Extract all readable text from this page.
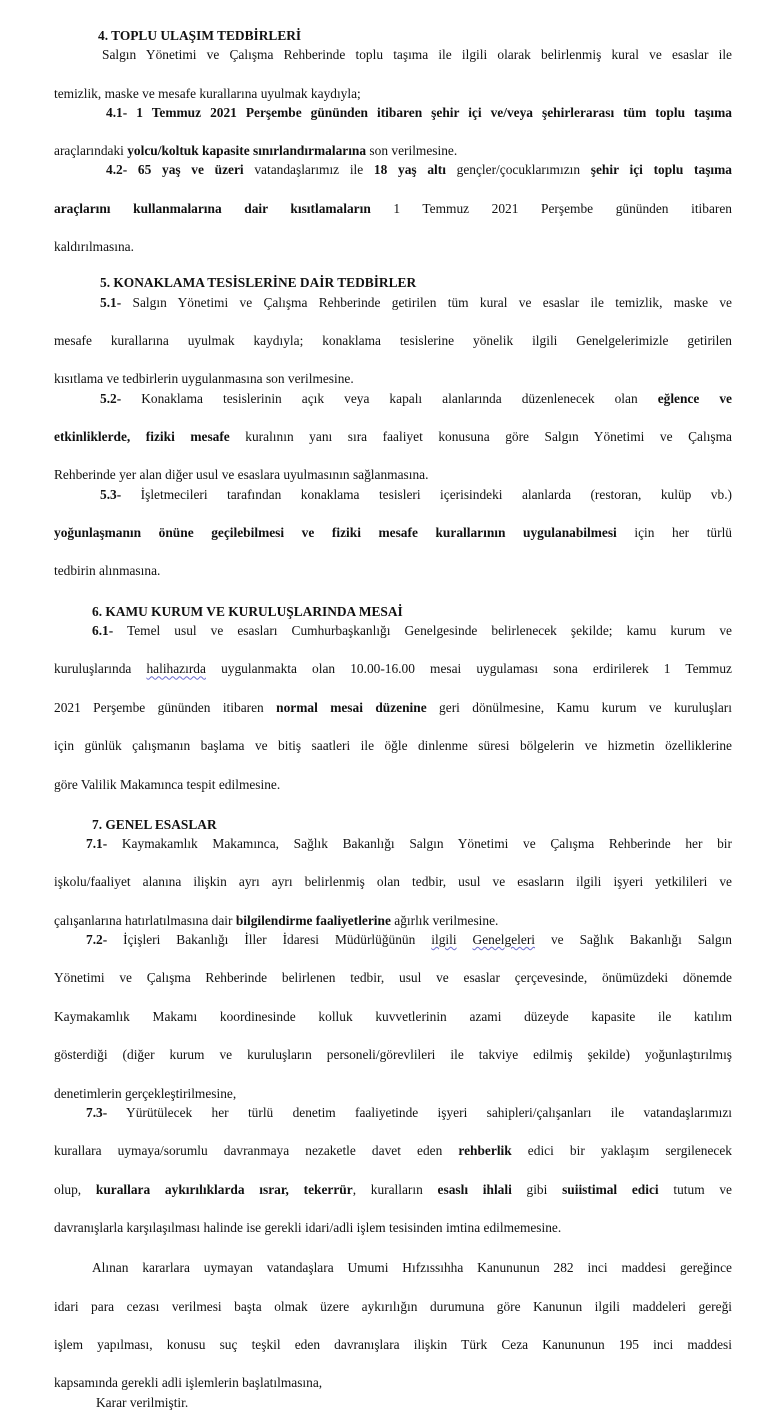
4. TOPLU ULAŞIM TEDBİRLERİ

Salgın Yönetimi ve Çalışma Rehberinde toplu taşıma ile ilgili olarak belirlenmiş kural ve esaslar ile

temizlik, maske ve mesafe kurallarına uyulmak kaydıyla;

4.1- 1 Temmuz 2021 Perşembe gününden itibaren şehir içi ve/veya şehirlerarası tüm toplu taşıma

araçlarındaki yolcu/koltuk kapasite sınırlandırmalarına son verilmesine.

4.2- 65 yaş ve üzeri vatandaşlarımız ile 18 yaş altı gençler/çocuklarımızın şehir içi toplu taşıma

araçlarını kullanmalarına dair kısıtlamaların 1 Temmuz 2021 Perşembe gününden itibaren

kaldırılmasına.

5. KONAKLAMA TESİSLERİNE DAİR TEDBİRLER

5.1- Salgın Yönetimi ve Çalışma Rehberinde getirilen tüm kural ve esaslar ile temizlik, maske ve

mesafe kurallarına uyulmak kaydıyla; konaklama tesislerine yönelik ilgili Genelgelerimizle getirilen

kısıtlama ve tedbirlerin uygulanmasına son verilmesine.

5.2- Konaklama tesislerinin açık veya kapalı alanlarında düzenlenecek olan eğlence ve

etkinliklerde, fiziki mesafe kuralının yanı sıra faaliyet konusuna göre Salgın Yönetimi ve Çalışma

Rehberinde yer alan diğer usul ve esaslara uyulmasının sağlanmasına.

5.3- İşletmecileri tarafından konaklama tesisleri içerisindeki alanlarda (restoran, kulüp vb.)

yoğunlaşmanın önüne geçilebilmesi ve fiziki mesafe kurallarının uygulanabilmesi için her türlü

tedbirin alınmasına.

6. KAMU KURUM VE KURULUŞLARINDA MESAİ

6.1- Temel usul ve esasları Cumhurbaşkanlığı Genelgesinde belirlenecek şekilde; kamu kurum ve

kuruluşlarında halihazırda uygulanmakta olan 10.00-16.00 mesai uygulaması sona erdirilerek 1 Temmuz

2021 Perşembe gününden itibaren normal mesai düzenine geri dönülmesine, Kamu kurum ve kuruluşları

için günlük çalışmanın başlama ve bitiş saatleri ile öğle dinlenme süresi bölgelerin ve hizmetin özelliklerine

göre Valilik Makamınca tespit edilmesine.

7. GENEL ESASLAR

7.1- Kaymakamlık Makamınca, Sağlık Bakanlığı Salgın Yönetimi ve Çalışma Rehberinde her bir

işkolu/faaliyet alanına ilişkin ayrı ayrı belirlenmiş olan tedbir, usul ve esasların ilgili işyeri yetkilileri ve

çalışanlarına hatırlatılmasına dair bilgilendirme faaliyetlerine ağırlık verilmesine.

7.2- İçişleri Bakanlığı İller İdaresi Müdürlüğünün ilgili Genelgeleri ve Sağlık Bakanlığı Salgın

Yönetimi ve Çalışma Rehberinde belirlenen tedbir, usul ve esaslar çerçevesinde, önümüzdeki dönemde

Kaymakamlık Makamı koordinesinde kolluk kuvvetlerinin azami düzeyde kapasite ile katılım

gösterdiği (diğer kurum ve kuruluşların personeli/görevlileri ile takviye edilmiş şekilde) yoğunlaştırılmış

denetimlerin gerçekleştirilmesine,

7.3- Yürütülecek her türlü denetim faaliyetinde işyeri sahipleri/çalışanları ile vatandaşlarımızı

kurallara uymaya/sorumlu davranmaya nezaketle davet eden rehberlik edici bir yaklaşım sergilenecek

olup, kurallara aykırılıklarda ısrar, tekerrür, kuralların esaslı ihlali gibi suiistimal edici tutum ve

davranışlarla karşılaşılması halinde ise gerekli idari/adli işlem tesisinden imtina edilmemesine.

Alınan kararlara uymayan vatandaşlara Umumi Hıfzıssıhha Kanununun 282 inci maddesi gereğince

idari para cezası verilmesi başta olmak üzere aykırılığın durumuna göre Kanunun ilgili maddeleri gereği

işlem yapılması, konusu suç teşkil eden davranışlara ilişkin Türk Ceza Kanununun 195 inci maddesi

kapsamında gerekli adli işlemlerin başlatılmasına,

Karar verilmiştir.
